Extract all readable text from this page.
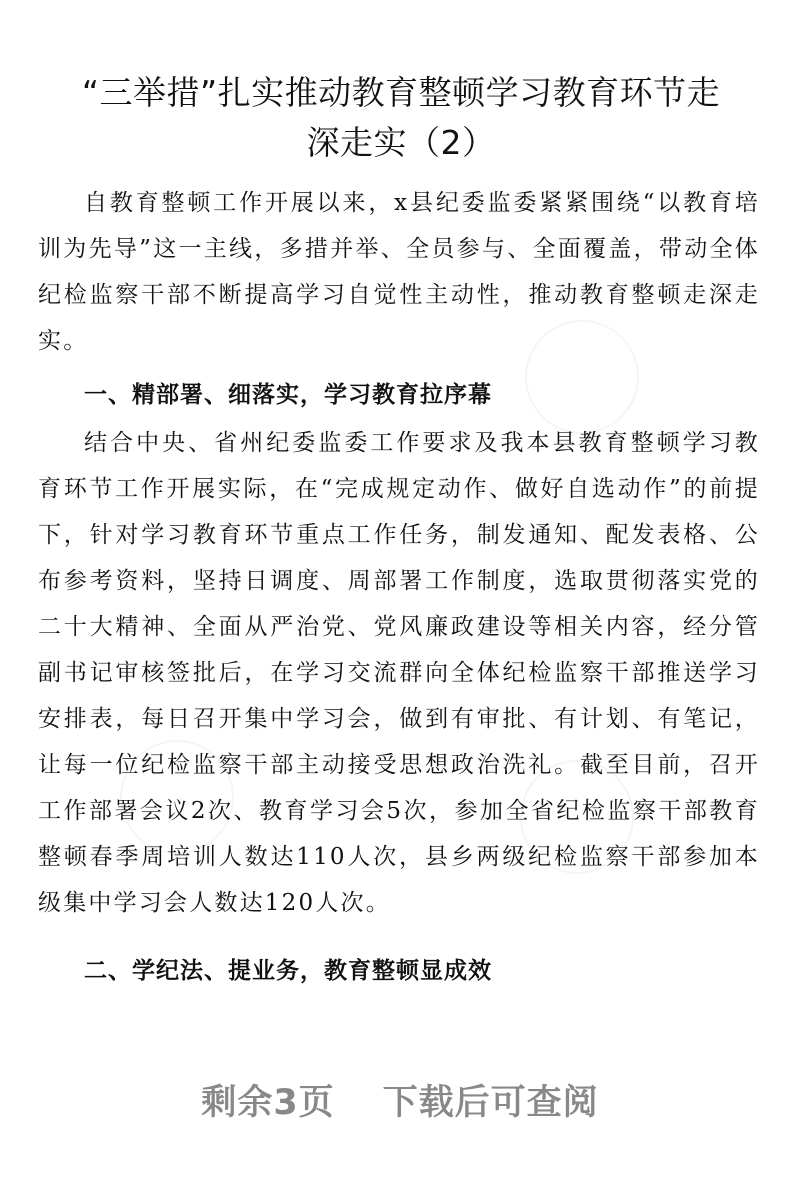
“三举措”扎实推动教育整顿学习教育环节走
深走实（2）

自教育整顿工作开展以来，x县纪委监委紧紧围绕“以教育培训为先导”这一主线，多措并举、全员参与、全面覆盖，带动全体纪检监察干部不断提高学习自觉性主动性，推动教育整顿走深走实。

一、精部署、细落实，学习教育拉序幕

结合中央、省州纪委监委工作要求及我本县教育整顿学习教育环节工作开展实际，在“完成规定动作、做好自选动作”的前提下，针对学习教育环节重点工作任务，制发通知、配发表格、公布参考资料，坚持日调度、周部署工作制度，选取贯彻落实党的二十大精神、全面从严治党、党风廉政建设等相关内容，经分管副书记审核签批后，在学习交流群向全体纪检监察干部推送学习安排表，每日召开集中学习会，做到有审批、有计划、有笔记，让每一位纪检监察干部主动接受思想政治洗礼。截至目前，召开工作部署会议2次、教育学习会5次，参加全省纪检监察干部教育整顿春季周培训人数达110人次，县乡两级纪检监察干部参加本级集中学习会人数达120人次。

二、学纪法、提业务，教育整顿显成效
剩余3页 下载后可查阅
